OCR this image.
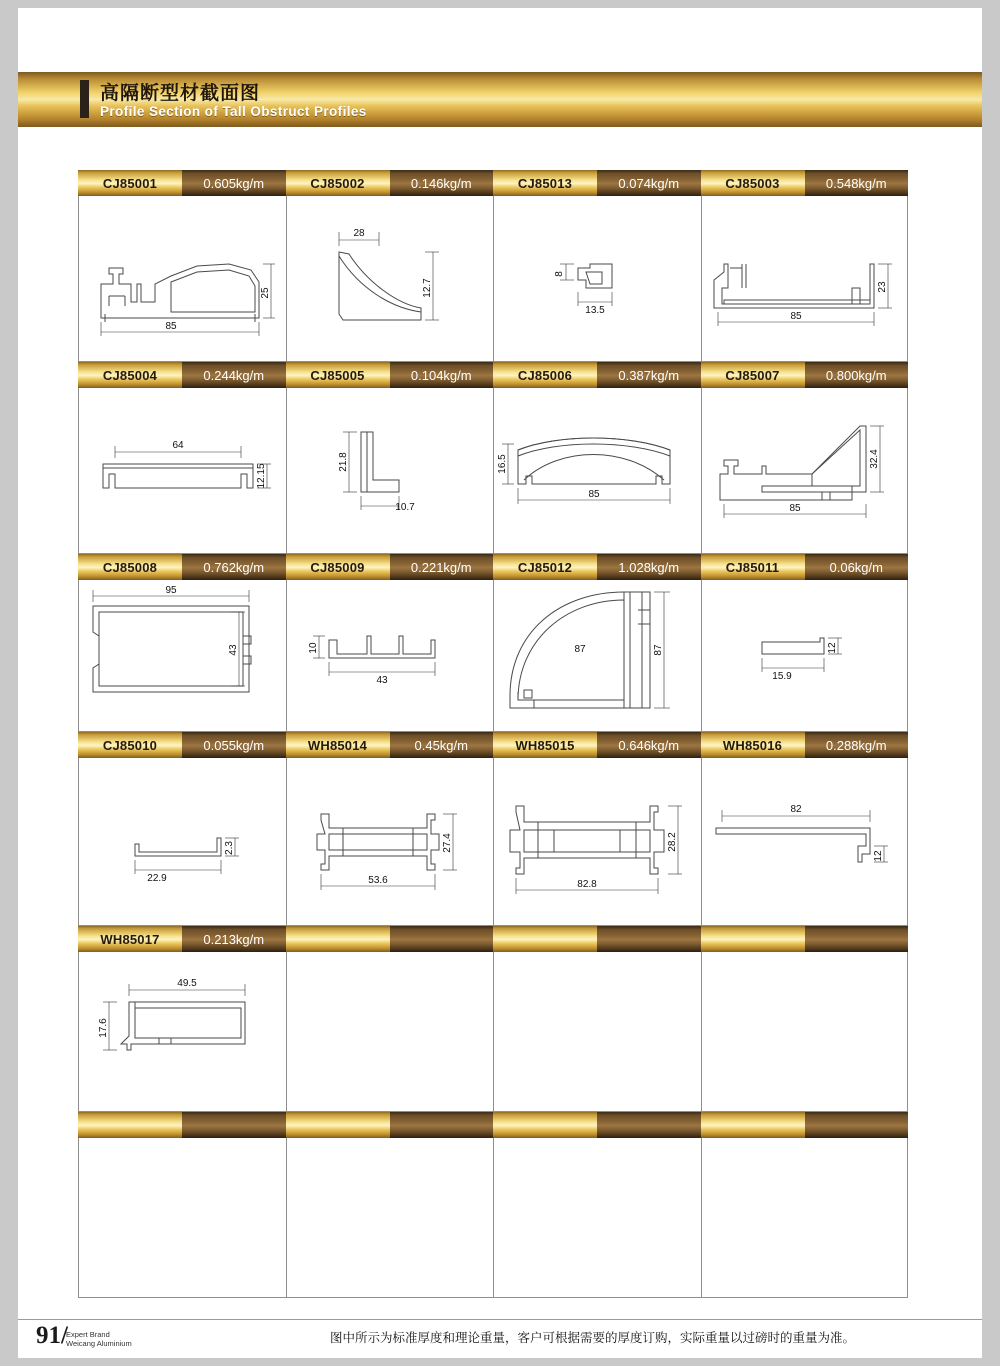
高隔断型材截面图
Profile Section of Tall Obstruct Profiles
CJ85001	0.605kg/m
85
25
CJ85002	0.146kg/m
28
12.7
CJ85013	0.074kg/m
8
13.5
CJ85003	0.548kg/m
85
23
CJ85004	0.244kg/m
64
12.15
CJ85005	0.104kg/m
21.8
10.7
CJ85006	0.387kg/m
16.5
85
CJ85007	0.800kg/m
32.4
85
CJ85008	0.762kg/m
95
43
CJ85009	0.221kg/m
10
43
CJ85012	1.028kg/m
87
87
CJ85011	0.06kg/m
12
15.9
CJ85010	0.055kg/m
2.3
22.9
WH85014	0.45kg/m
27.4
53.6
WH85015	0.646kg/m
28.2
82.8
WH85016	0.288kg/m
82
12
WH85017	0.213kg/m
49.5
17.6
91/
Expert Brand
Weicang Aluminium	图中所示为标准厚度和理论重量，客户可根据需要的厚度订购，实际重量以过磅时的重量为准。
